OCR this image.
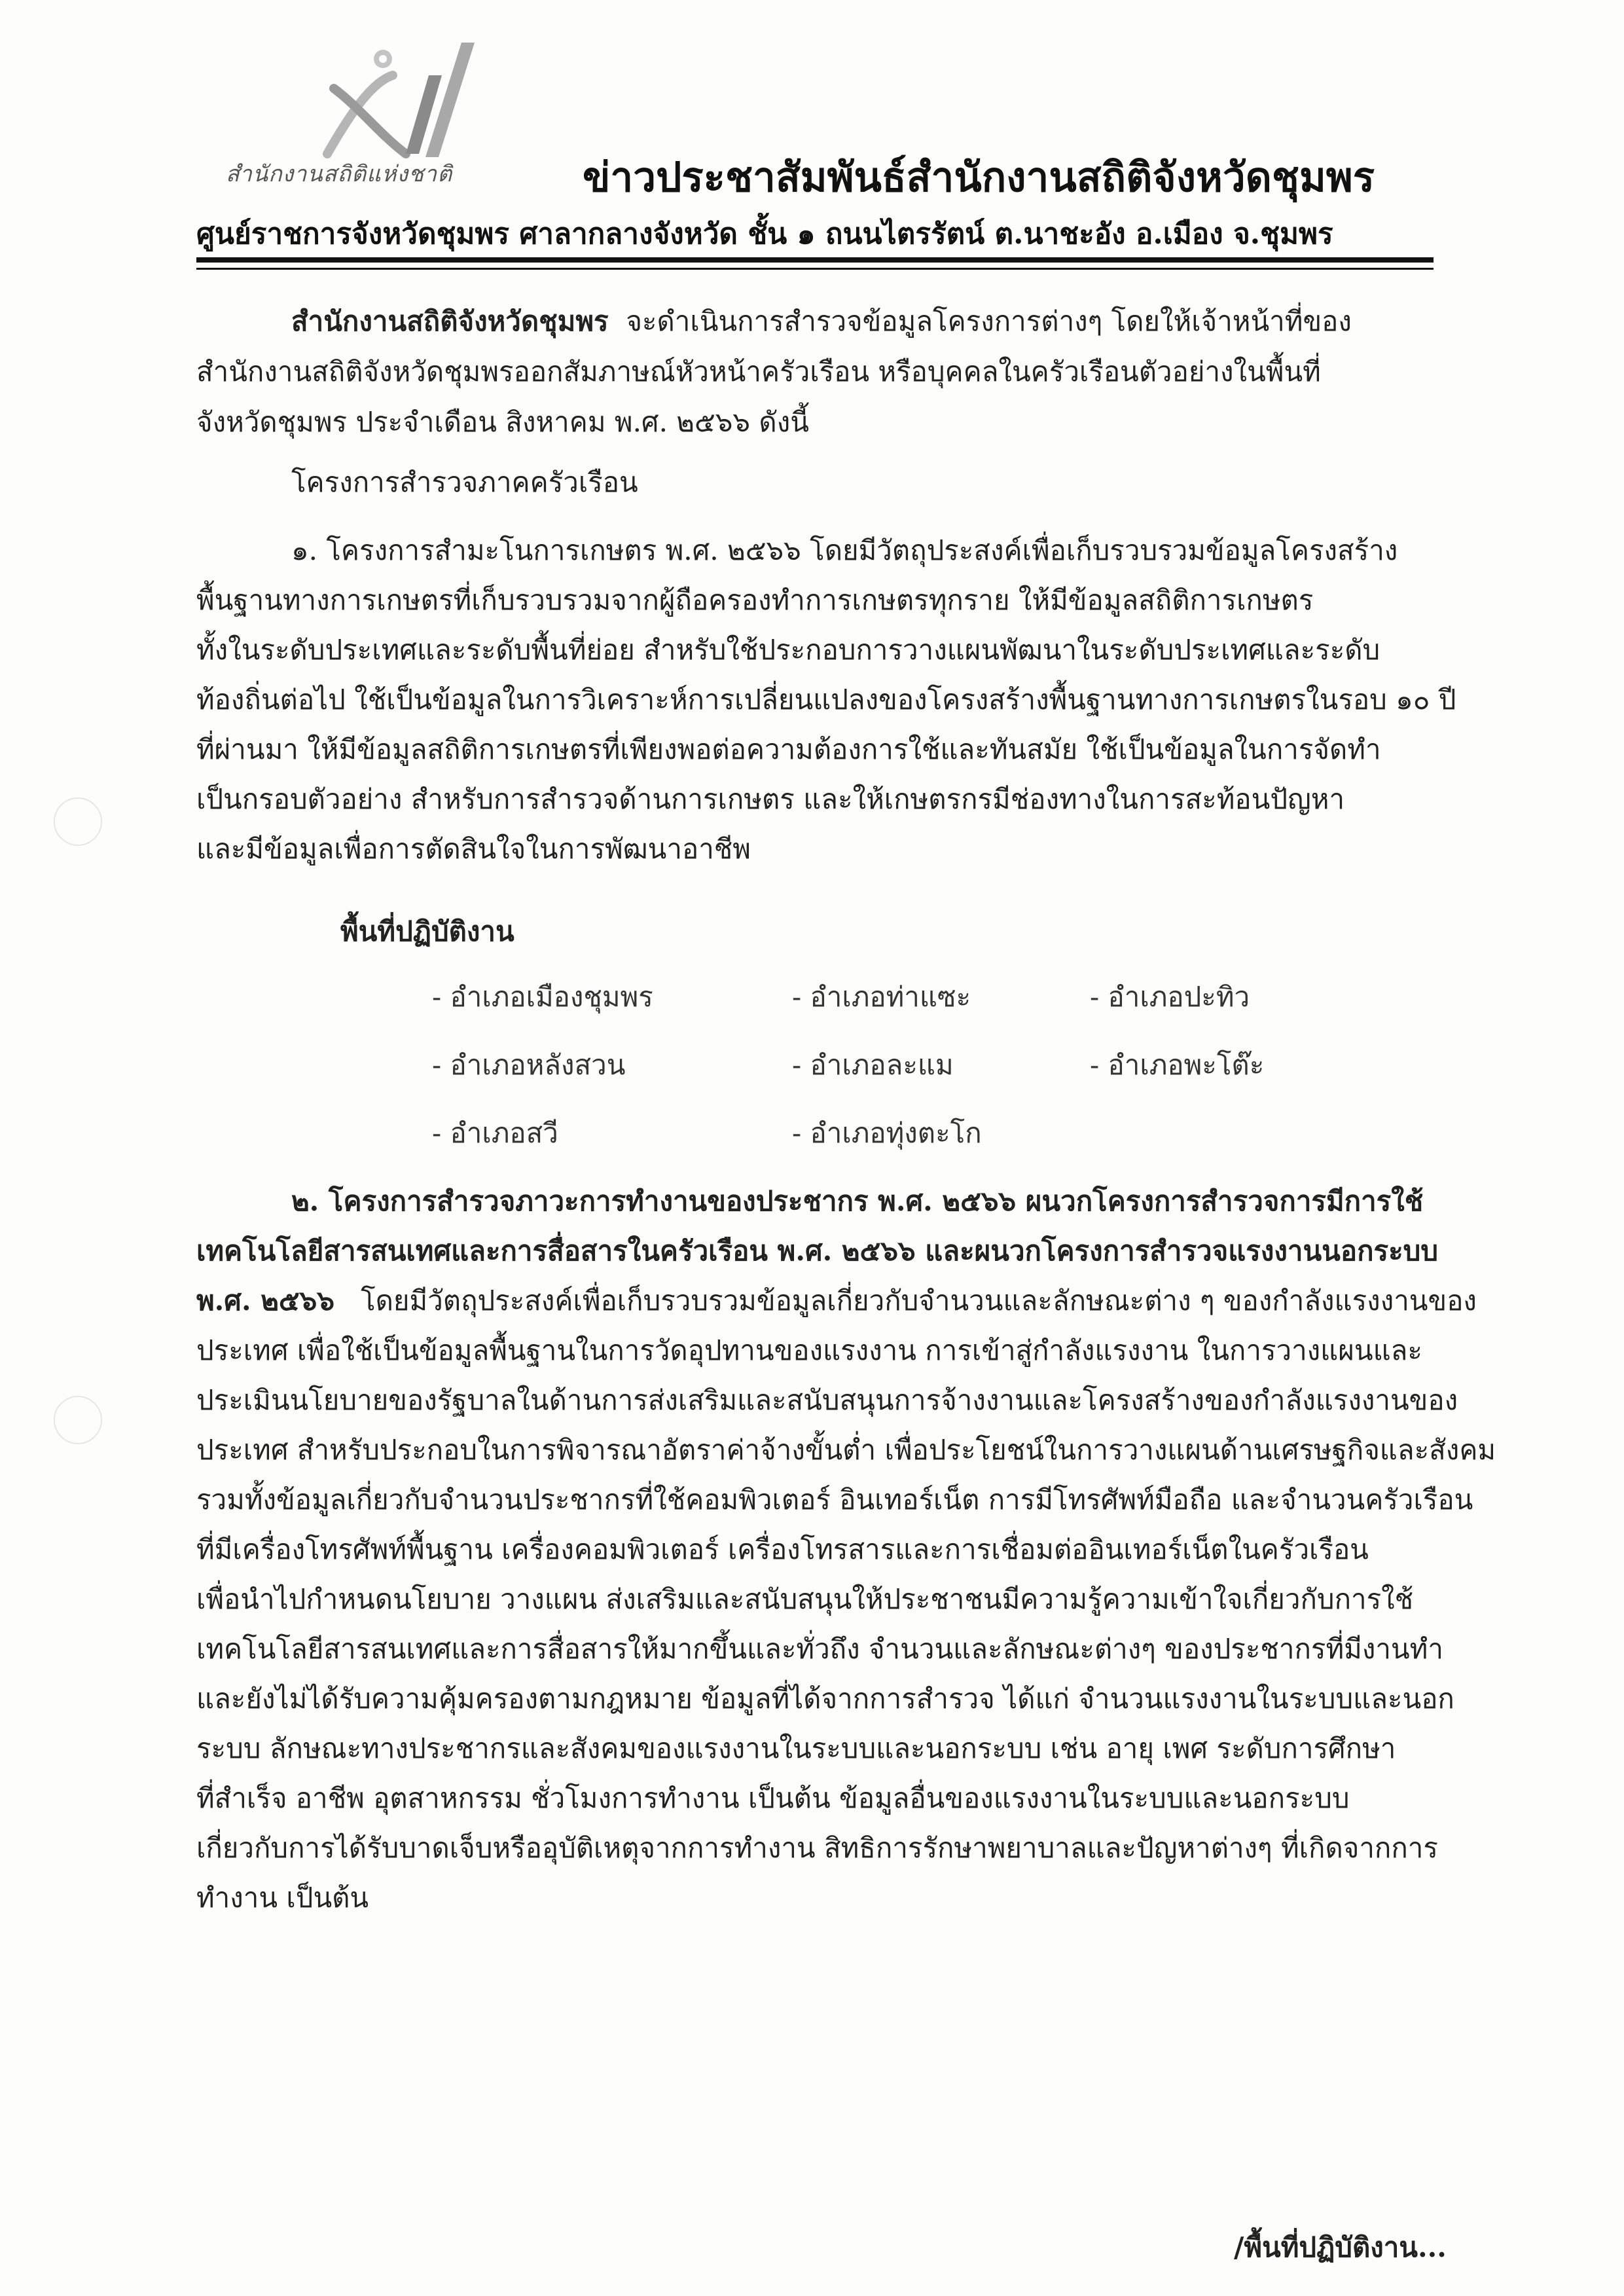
สำนักงานสถิติแห่งชาติ	ข่าวประชาสัมพันธ์สำนักงานสถิติจังหวัดชุมพร
ศูนย์ราชการจังหวัดชุมพร ศาลากลางจังหวัด ชั้น ๑ ถนนไตรรัตน์ ต.นาชะอัง อ.เมือง จ.ชุมพร
สำนักงานสถิติจังหวัดชุมพร จะดำเนินการสำรวจข้อมูลโครงการต่างๆ โดยให้เจ้าหน้าที่ของ
สำนักงานสถิติจังหวัดชุมพรออกสัมภาษณ์หัวหน้าครัวเรือน หรือบุคคลในครัวเรือนตัวอย่างในพื้นที่
จังหวัดชุมพร ประจำเดือน สิงหาคม พ.ศ. ๒๕๖๖ ดังนี้
โครงการสำรวจภาคครัวเรือน
๑. โครงการสำมะโนการเกษตร พ.ศ. ๒๕๖๖ โดยมีวัตถุประสงค์เพื่อเก็บรวบรวมข้อมูลโครงสร้าง
พื้นฐานทางการเกษตรที่เก็บรวบรวมจากผู้ถือครองทำการเกษตรทุกราย ให้มีข้อมูลสถิติการเกษตร
ทั้งในระดับประเทศและระดับพื้นที่ย่อย สำหรับใช้ประกอบการวางแผนพัฒนาในระดับประเทศและระดับ
ท้องถิ่นต่อไป ใช้เป็นข้อมูลในการวิเคราะห์การเปลี่ยนแปลงของโครงสร้างพื้นฐานทางการเกษตรในรอบ ๑๐ ปี
ที่ผ่านมา ให้มีข้อมูลสถิติการเกษตรที่เพียงพอต่อความต้องการใช้และทันสมัย ใช้เป็นข้อมูลในการจัดทำ
เป็นกรอบตัวอย่าง สำหรับการสำรวจด้านการเกษตร และให้เกษตรกรมีช่องทางในการสะท้อนปัญหา
และมีข้อมูลเพื่อการตัดสินใจในการพัฒนาอาชีพ
พื้นที่ปฏิบัติงาน
- อำเภอเมืองชุมพร	- อำเภอท่าแซะ	- อำเภอปะทิว
- อำเภอหลังสวน	- อำเภอละแม	- อำเภอพะโต๊ะ
- อำเภอสวี	- อำเภอทุ่งตะโก
๒. โครงการสำรวจภาวะการทำงานของประชากร พ.ศ. ๒๕๖๖ ผนวกโครงการสำรวจการมีการใช้
เทคโนโลยีสารสนเทศและการสื่อสารในครัวเรือน พ.ศ. ๒๕๖๖ และผนวกโครงการสำรวจแรงงานนอกระบบ
พ.ศ. ๒๕๖๖ โดยมีวัตถุประสงค์เพื่อเก็บรวบรวมข้อมูลเกี่ยวกับจำนวนและลักษณะต่าง ๆ ของกำลังแรงงานของ
ประเทศ เพื่อใช้เป็นข้อมูลพื้นฐานในการวัดอุปทานของแรงงาน การเข้าสู่กำลังแรงงาน ในการวางแผนและ
ประเมินนโยบายของรัฐบาลในด้านการส่งเสริมและสนับสนุนการจ้างงานและโครงสร้างของกำลังแรงงานของ
ประเทศ สำหรับประกอบในการพิจารณาอัตราค่าจ้างขั้นต่ำ เพื่อประโยชน์ในการวางแผนด้านเศรษฐกิจและสังคม
รวมทั้งข้อมูลเกี่ยวกับจำนวนประชากรที่ใช้คอมพิวเตอร์ อินเทอร์เน็ต การมีโทรศัพท์มือถือ และจำนวนครัวเรือน
ที่มีเครื่องโทรศัพท์พื้นฐาน เครื่องคอมพิวเตอร์ เครื่องโทรสารและการเชื่อมต่ออินเทอร์เน็ตในครัวเรือน
เพื่อนำไปกำหนดนโยบาย วางแผน ส่งเสริมและสนับสนุนให้ประชาชนมีความรู้ความเข้าใจเกี่ยวกับการใช้
เทคโนโลยีสารสนเทศและการสื่อสารให้มากขึ้นและทั่วถึง จำนวนและลักษณะต่างๆ ของประชากรที่มีงานทำ
และยังไม่ได้รับความคุ้มครองตามกฎหมาย ข้อมูลที่ได้จากการสำรวจ ได้แก่ จำนวนแรงงานในระบบและนอก
ระบบ ลักษณะทางประชากรและสังคมของแรงงานในระบบและนอกระบบ เช่น อายุ เพศ ระดับการศึกษา
ที่สำเร็จ อาชีพ อุตสาหกรรม ชั่วโมงการทำงาน เป็นต้น ข้อมูลอื่นของแรงงานในระบบและนอกระบบ
เกี่ยวกับการได้รับบาดเจ็บหรืออุบัติเหตุจากการทำงาน สิทธิการรักษาพยาบาลและปัญหาต่างๆ ที่เกิดจากการ
ทำงาน เป็นต้น
/พื้นที่ปฏิบัติงาน...
